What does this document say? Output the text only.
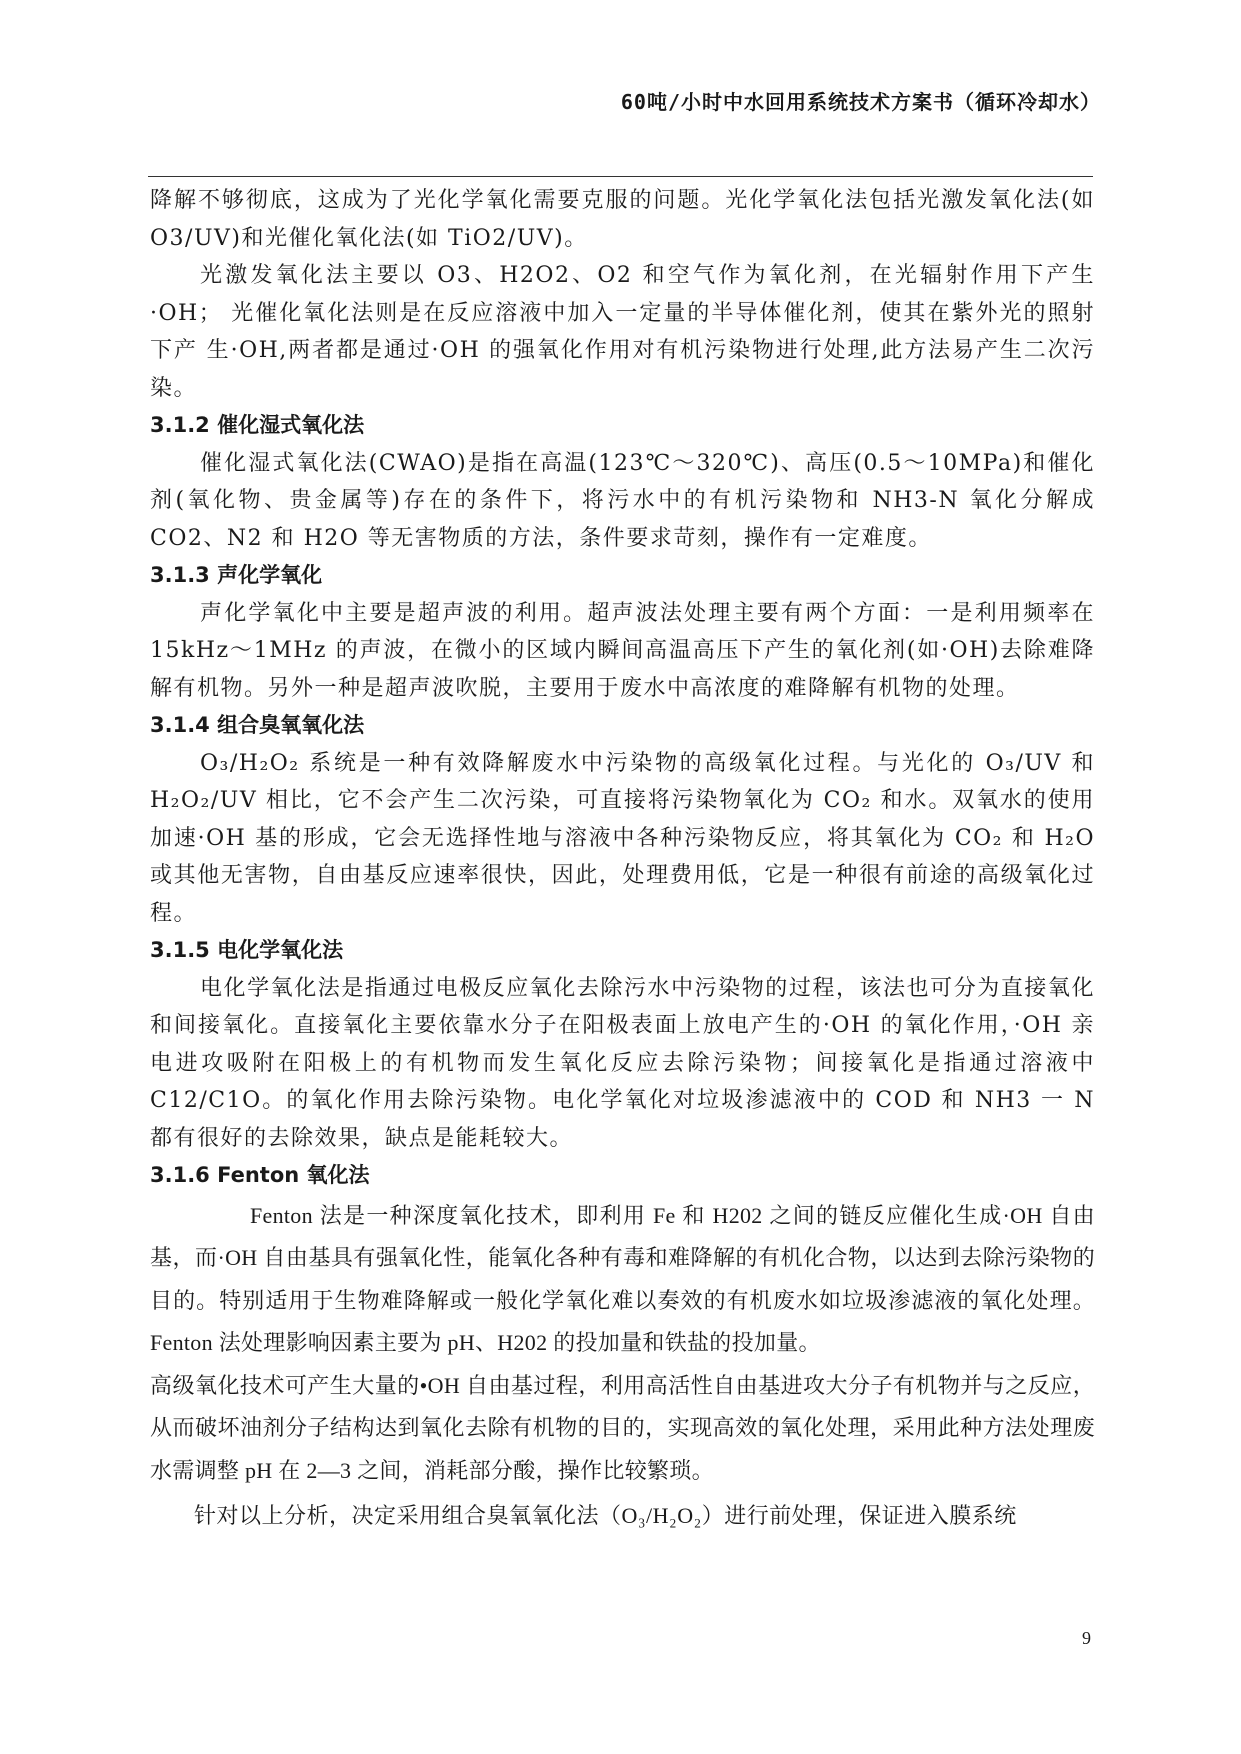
60吨/小时中水回用系统技术方案书（循环冷却水）

降解不够彻底，这成为了光化学氧化需要克服的问题。光化学氧化法包括光激发氧化法(如 O3/UV)和光催化氧化法(如 TiO2/UV)。

光激发氧化法主要以 O3、H2O2、O2 和空气作为氧化剂，在光辐射作用下产生·OH； 光催化氧化法则是在反应溶液中加入一定量的半导体催化剂，使其在紫外光的照射下产 生·OH,两者都是通过·OH 的强氧化作用对有机污染物进行处理,此方法易产生二次污染。

3.1.2 催化湿式氧化法

催化湿式氧化法(CWAO)是指在高温(123℃～320℃)、高压(0.5～10MPa)和催化剂(氧化物、贵金属等)存在的条件下，将污水中的有机污染物和 NH3-N 氧化分解成 CO2、N2 和 H2O 等无害物质的方法，条件要求苛刻，操作有一定难度。

3.1.3 声化学氧化

声化学氧化中主要是超声波的利用。超声波法处理主要有两个方面：一是利用频率在 15kHz～1MHz 的声波，在微小的区域内瞬间高温高压下产生的氧化剂(如·OH)去除难降解有机物。另外一种是超声波吹脱，主要用于废水中高浓度的难降解有机物的处理。

3.1.4 组合臭氧氧化法

O₃/H₂O₂ 系统是一种有效降解废水中污染物的高级氧化过程。与光化的 O₃/UV 和 H₂O₂/UV 相比，它不会产生二次污染，可直接将污染物氧化为 CO₂ 和水。双氧水的使用加速·OH 基的形成，它会无选择性地与溶液中各种污染物反应，将其氧化为 CO₂ 和 H₂O 或其他无害物，自由基反应速率很快，因此，处理费用低，它是一种很有前途的高级氧化过程。

3.1.5 电化学氧化法

电化学氧化法是指通过电极反应氧化去除污水中污染物的过程，该法也可分为直接氧化和间接氧化。直接氧化主要依靠水分子在阳极表面上放电产生的·OH 的氧化作用，·OH 亲电进攻吸附在阳极上的有机物而发生氧化反应去除污染物；间接氧化是指通过溶液中 C12/C1O。的氧化作用去除污染物。电化学氧化对垃圾渗滤液中的 COD 和 NH3 一 N 都有很好的去除效果，缺点是能耗较大。

3.1.6 Fenton 氧化法

Fenton 法是一种深度氧化技术，即利用 Fe 和 H202 之间的链反应催化生成·OH 自由基，而·OH 自由基具有强氧化性，能氧化各种有毒和难降解的有机化合物，以达到去除污染物的目的。特别适用于生物难降解或一般化学氧化难以奏效的有机废水如垃圾渗滤液的氧化处理。Fenton 法处理影响因素主要为 pH、H202 的投加量和铁盐的投加量。

高级氧化技术可产生大量的•OH 自由基过程，利用高活性自由基进攻大分子有机物并与之反应，从而破坏油剂分子结构达到氧化去除有机物的目的，实现高效的氧化处理，采用此种方法处理废水需调整 pH 在 2—3 之间，消耗部分酸，操作比较繁琐。

针对以上分析，决定采用组合臭氧氧化法（O₃/H₂O₂）进行前处理，保证进入膜系统

9
